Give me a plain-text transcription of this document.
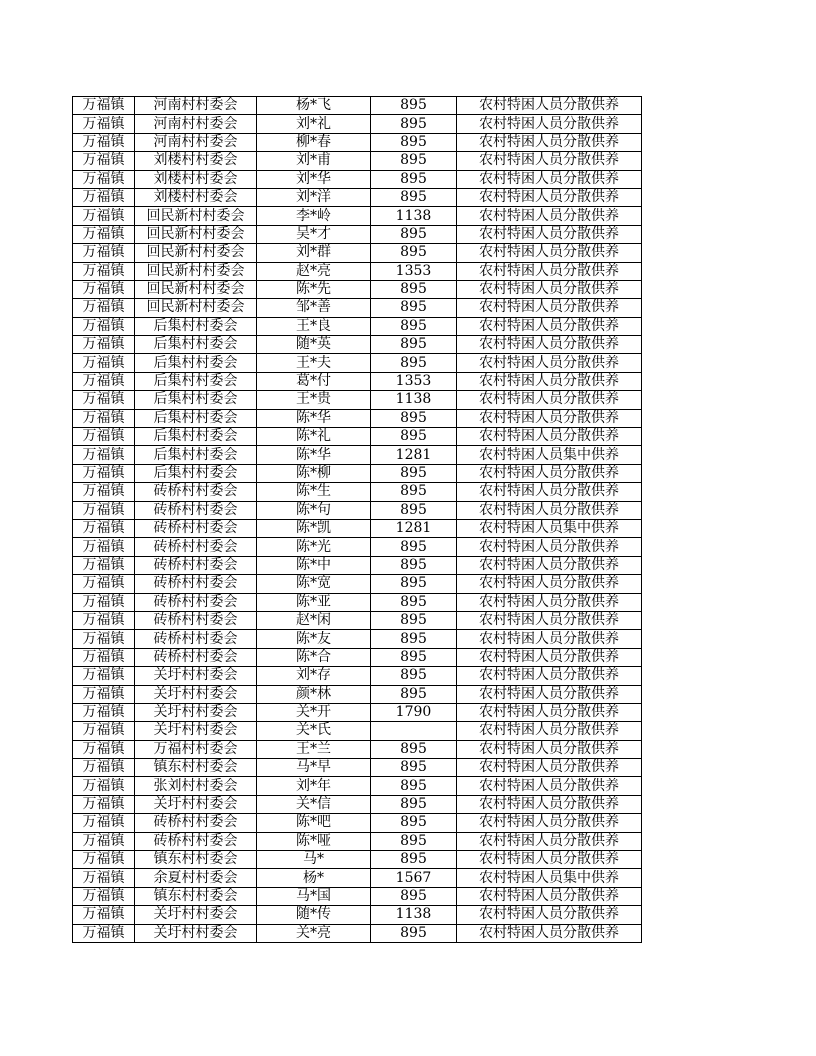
万福镇	河南村村委会	杨*飞	895	农村特困人员分散供养
万福镇	河南村村委会	刘*礼	895	农村特困人员分散供养
万福镇	河南村村委会	柳*春	895	农村特困人员分散供养
万福镇	刘楼村村委会	刘*甫	895	农村特困人员分散供养
万福镇	刘楼村村委会	刘*华	895	农村特困人员分散供养
万福镇	刘楼村村委会	刘*洋	895	农村特困人员分散供养
万福镇	回民新村村委会	李*岭	1138	农村特困人员分散供养
万福镇	回民新村村委会	吴*才	895	农村特困人员分散供养
万福镇	回民新村村委会	刘*群	895	农村特困人员分散供养
万福镇	回民新村村委会	赵*亮	1353	农村特困人员分散供养
万福镇	回民新村村委会	陈*先	895	农村特困人员分散供养
万福镇	回民新村村委会	邹*善	895	农村特困人员分散供养
万福镇	后集村村委会	王*良	895	农村特困人员分散供养
万福镇	后集村村委会	随*英	895	农村特困人员分散供养
万福镇	后集村村委会	王*夫	895	农村特困人员分散供养
万福镇	后集村村委会	葛*付	1353	农村特困人员分散供养
万福镇	后集村村委会	王*贵	1138	农村特困人员分散供养
万福镇	后集村村委会	陈*华	895	农村特困人员分散供养
万福镇	后集村村委会	陈*礼	895	农村特困人员分散供养
万福镇	后集村村委会	陈*华	1281	农村特困人员集中供养
万福镇	后集村村委会	陈*柳	895	农村特困人员分散供养
万福镇	砖桥村村委会	陈*生	895	农村特困人员分散供养
万福镇	砖桥村村委会	陈*句	895	农村特困人员分散供养
万福镇	砖桥村村委会	陈*凯	1281	农村特困人员集中供养
万福镇	砖桥村村委会	陈*光	895	农村特困人员分散供养
万福镇	砖桥村村委会	陈*中	895	农村特困人员分散供养
万福镇	砖桥村村委会	陈*宽	895	农村特困人员分散供养
万福镇	砖桥村村委会	陈*亚	895	农村特困人员分散供养
万福镇	砖桥村村委会	赵*闲	895	农村特困人员分散供养
万福镇	砖桥村村委会	陈*友	895	农村特困人员分散供养
万福镇	砖桥村村委会	陈*合	895	农村特困人员分散供养
万福镇	关圩村村委会	刘*存	895	农村特困人员分散供养
万福镇	关圩村村委会	颜*林	895	农村特困人员分散供养
万福镇	关圩村村委会	关*开	1790	农村特困人员分散供养
万福镇	关圩村村委会	关*氏		农村特困人员分散供养
万福镇	万福村村委会	王*兰	895	农村特困人员分散供养
万福镇	镇东村村委会	马*早	895	农村特困人员分散供养
万福镇	张刘村村委会	刘*年	895	农村特困人员分散供养
万福镇	关圩村村委会	关*信	895	农村特困人员分散供养
万福镇	砖桥村村委会	陈*吧	895	农村特困人员分散供养
万福镇	砖桥村村委会	陈*哑	895	农村特困人员分散供养
万福镇	镇东村村委会	马*	895	农村特困人员分散供养
万福镇	余夏村村委会	杨*	1567	农村特困人员集中供养
万福镇	镇东村村委会	马*国	895	农村特困人员分散供养
万福镇	关圩村村委会	随*传	1138	农村特困人员分散供养
万福镇	关圩村村委会	关*亮	895	农村特困人员分散供养
